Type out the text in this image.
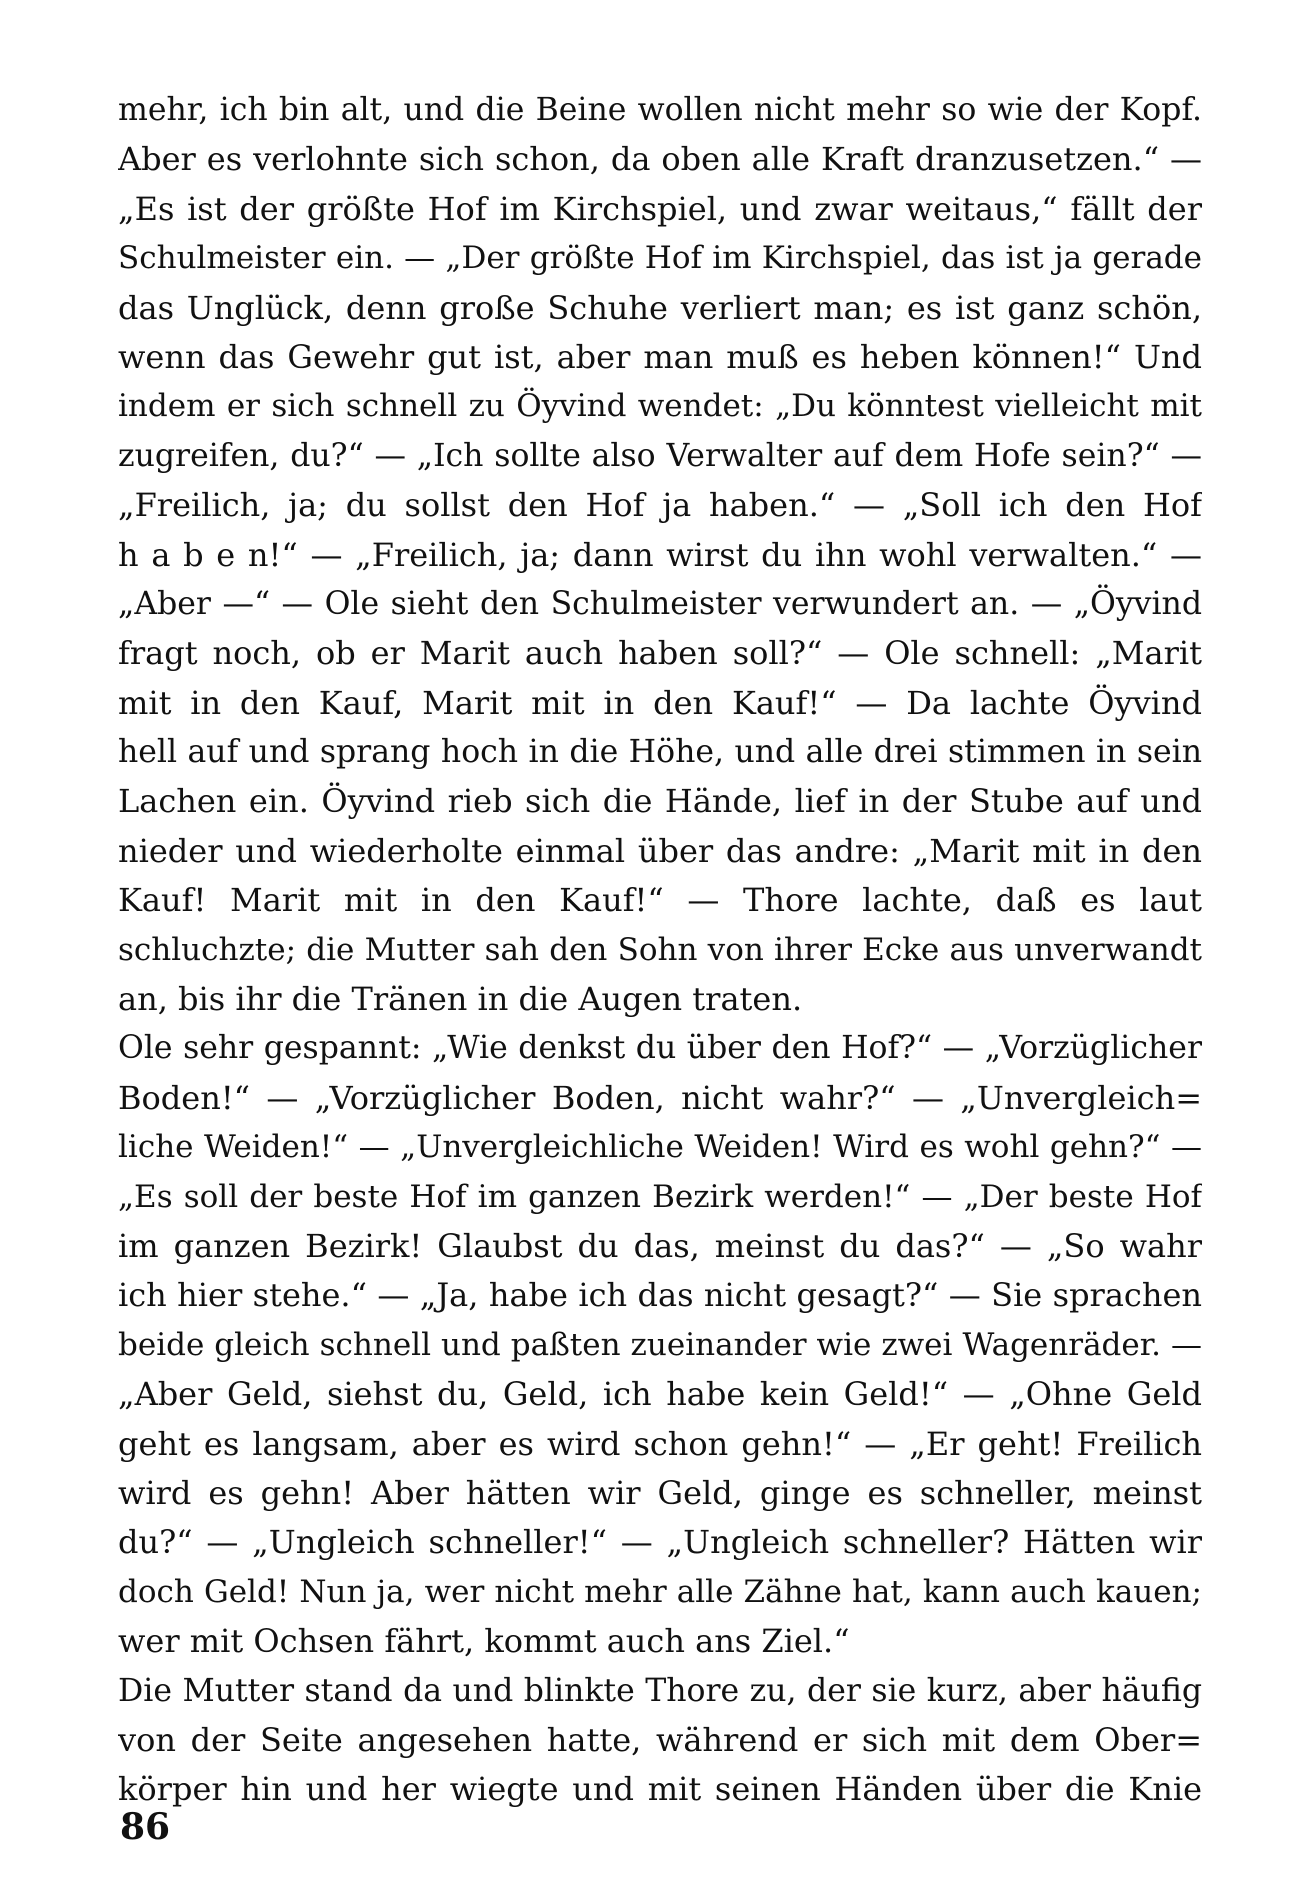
mehr, ich bin alt, und die Beine wollen nicht mehr so wie der Kopf.
Aber es verlohnte sich schon, da oben alle Kraft dranzusetzen.“ —
„Es ist der größte Hof im Kirchspiel, und zwar weitaus,“ fällt der
Schulmeister ein. — „Der größte Hof im Kirchspiel, das ist ja gerade
das Unglück, denn große Schuhe verliert man; es ist ganz schön,
wenn das Gewehr gut ist, aber man muß es heben können!“ Und
indem er sich schnell zu Öyvind wendet: „Du könntest vielleicht mit
zugreifen, du?“ — „Ich sollte also Verwalter auf dem Hofe sein?“ —
„Freilich, ja; du sollst den Hof ja haben.“ — „Soll ich den Hof
h a b e n!“ — „Freilich, ja; dann wirst du ihn wohl verwalten.“ —
„Aber —“ — Ole sieht den Schulmeister verwundert an. — „Öyvind
fragt noch, ob er Marit auch haben soll?“ — Ole schnell: „Marit
mit in den Kauf, Marit mit in den Kauf!“ — Da lachte Öyvind
hell auf und sprang hoch in die Höhe, und alle drei stimmen in sein
Lachen ein. Öyvind rieb sich die Hände, lief in der Stube auf und
nieder und wiederholte einmal über das andre: „Marit mit in den
Kauf! Marit mit in den Kauf!“ — Thore lachte, daß es laut
schluchzte; die Mutter sah den Sohn von ihrer Ecke aus unverwandt
an, bis ihr die Tränen in die Augen traten.
Ole sehr gespannt: „Wie denkst du über den Hof?“ — „Vorzüglicher
Boden!“ — „Vorzüglicher Boden, nicht wahr?“ — „Unvergleich=
liche Weiden!“ — „Unvergleichliche Weiden! Wird es wohl gehn?“ —
„Es soll der beste Hof im ganzen Bezirk werden!“ — „Der beste Hof
im ganzen Bezirk! Glaubst du das, meinst du das?“ — „So wahr
ich hier stehe.“ — „Ja, habe ich das nicht gesagt?“ — Sie sprachen
beide gleich schnell und paßten zueinander wie zwei Wagenräder. —
„Aber Geld, siehst du, Geld, ich habe kein Geld!“ — „Ohne Geld
geht es langsam, aber es wird schon gehn!“ — „Er geht! Freilich
wird es gehn! Aber hätten wir Geld, ginge es schneller, meinst
du?“ — „Ungleich schneller!“ — „Ungleich schneller? Hätten wir
doch Geld! Nun ja, wer nicht mehr alle Zähne hat, kann auch kauen;
wer mit Ochsen fährt, kommt auch ans Ziel.“
Die Mutter stand da und blinkte Thore zu, der sie kurz, aber häufig
von der Seite angesehen hatte, während er sich mit dem Ober=
körper hin und her wiegte und mit seinen Händen über die Knie
86
